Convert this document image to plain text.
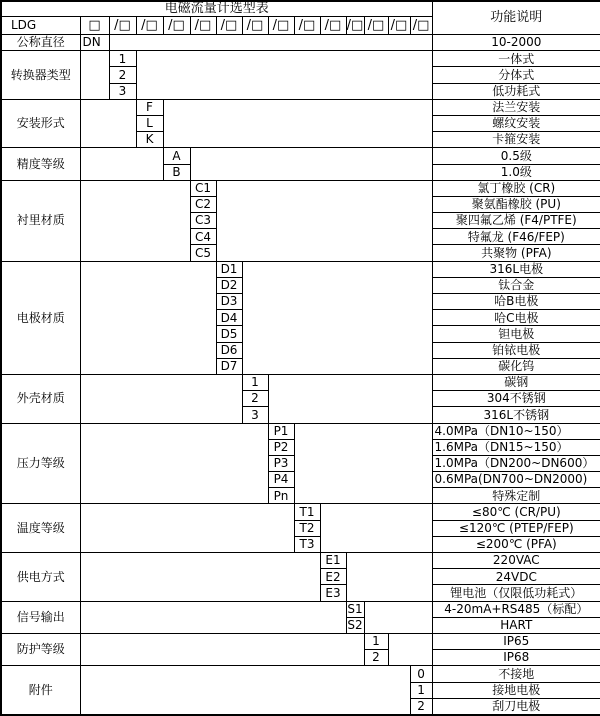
电磁流量计选型表															功能说明
LDG	□	/□	/□	/□	/□	/□	/□	/□	/□	/□	/□	/□	/□	/□	
公称直径	DN														10-2000
转换器类型		1													一体式
		2													分体式
		3													低功耗式
安装形式			F												法兰安装
			L												螺纹安装
			K												卡箍安装
精度等级				A											0.5级
				B											1.0级
衬里材质					C1										氯丁橡胶 (CR)
					C2										聚氨酯橡胶 (PU)
					C3										聚四氟乙烯 (F4/PTFE)
					C4										特氟龙 (F46/FEP)
					C5										共聚物 (PFA)
电极材质						D1									316L电极
						D2									钛合金
						D3									哈B电极
						D4									哈C电极
						D5									钽电极
						D6									铂铱电极
						D7									碳化钨
外壳材质							1								碳钢
							2								304不锈钢
							3								316L不锈钢
压力等级								P1							4.0MPa（DN10~150）
								P2							1.6MPa（DN15~150）
								P3							1.0MPa（DN200~DN600）
								P4							0.6MPa(DN700~DN2000)
								Pn							特殊定制
温度等级									T1						≤80℃ (CR/PU)
									T2						≤120℃ (PTEP/FEP)
									T3						≤200℃ (PFA)
供电方式										E1					220VAC
										E2					24VDC
										E3					锂电池（仅限低功耗式）
信号输出											S1				4-20mA+RS485（标配）
											S2				HART
防护等级												1			IP65
												2			IP68
附件														0	不接地
														1	接地电极
														2	刮刀电极
